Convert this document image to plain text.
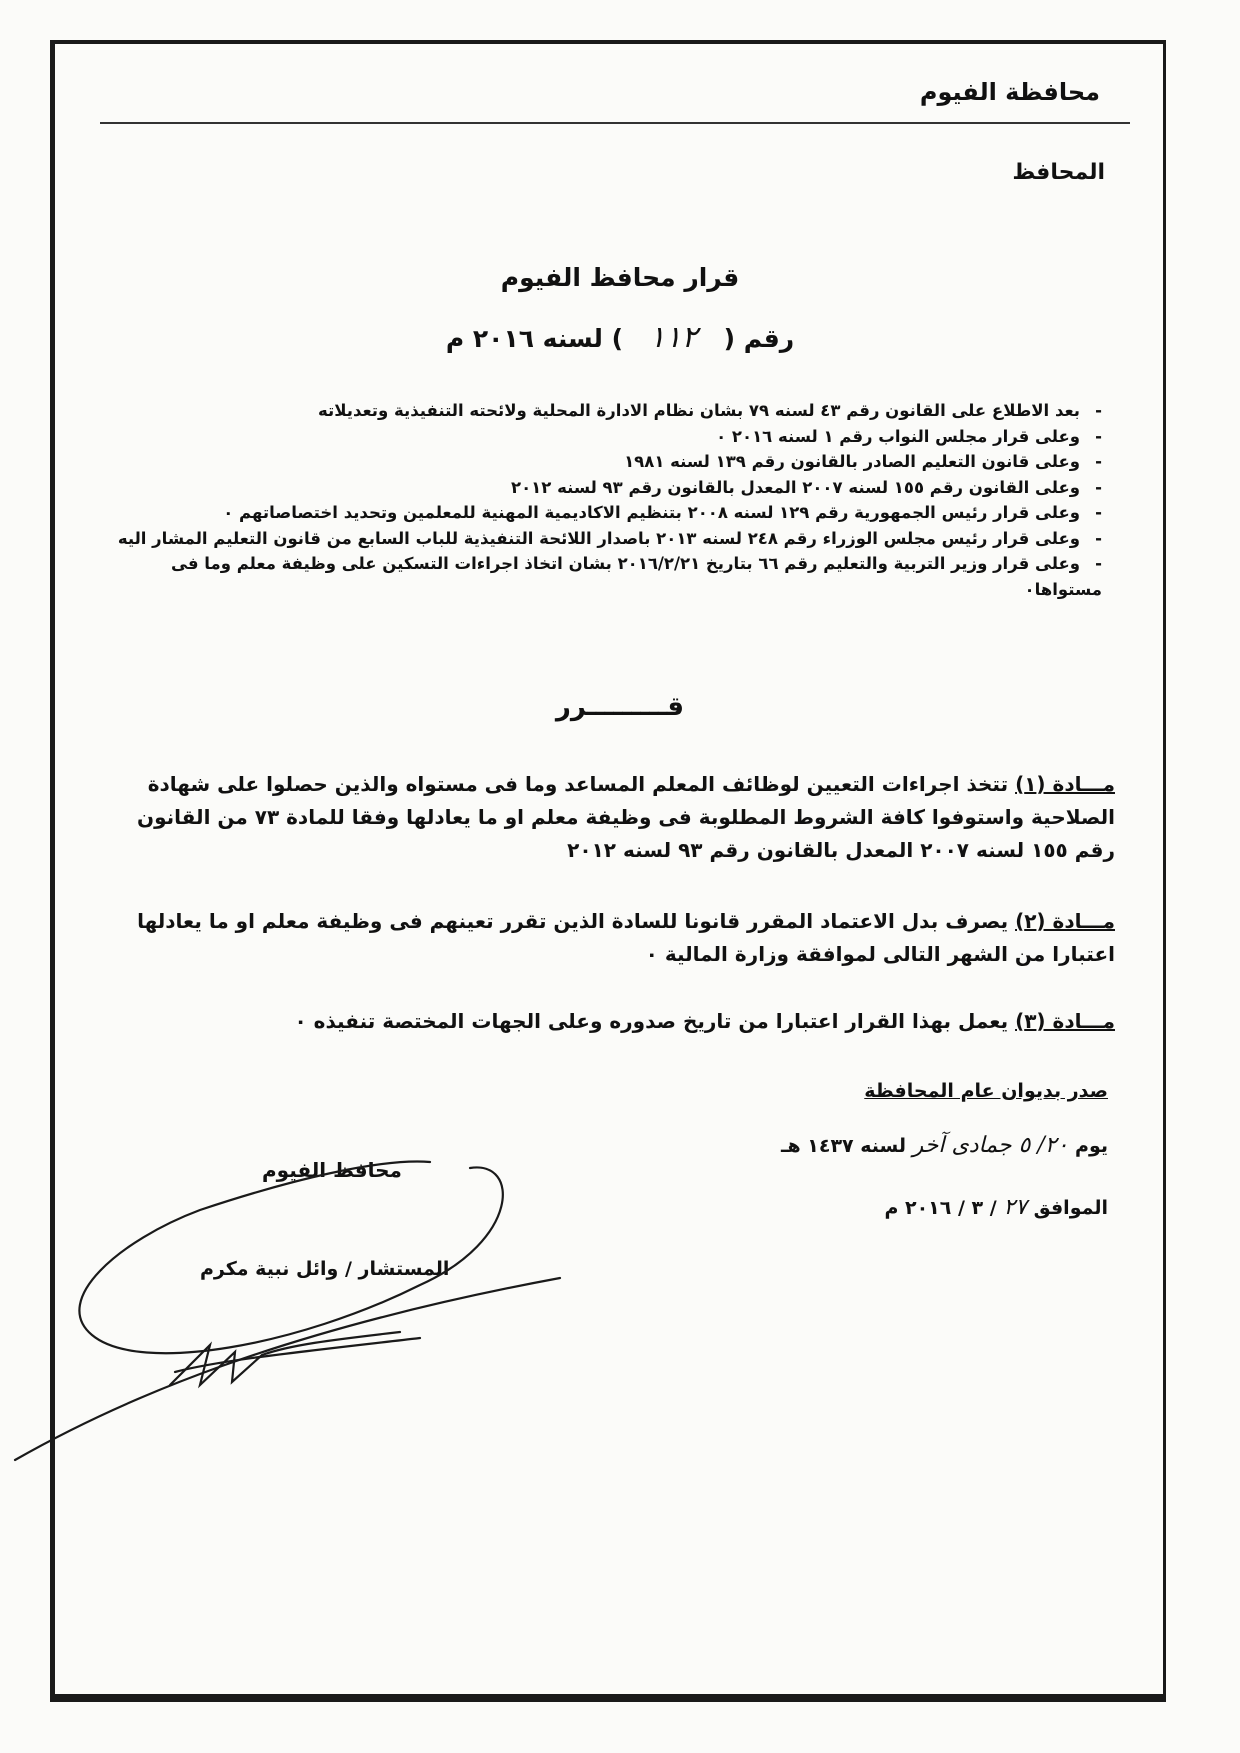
محافظة الفيوم
المحافظ
قرار محافظ الفيوم
رقم (   ١١٢   ) لسنه ٢٠١٦ م
- بعد الاطلاع على القانون رقم ٤٣ لسنه ٧٩ بشان نظام الادارة المحلية ولائحته التنفيذية وتعديلاته
- وعلى قرار مجلس النواب رقم ١ لسنه ٢٠١٦ ٠
- وعلى قانون التعليم الصادر بالقانون رقم ١٣٩ لسنه ١٩٨١
- وعلى القانون رقم ١٥٥ لسنه ٢٠٠٧ المعدل بالقانون رقم ٩٣ لسنه ٢٠١٢
- وعلى قرار رئيس الجمهورية رقم ١٢٩ لسنه ٢٠٠٨ بتنظيم الاكاديمية المهنية للمعلمين وتحديد اختصاصاتهم ٠
- وعلى قرار رئيس مجلس الوزراء رقم ٢٤٨ لسنه ٢٠١٣ باصدار اللائحة التنفيذية للباب السابع من قانون التعليم المشار اليه
- وعلى قرار وزير التربية والتعليم رقم ٦٦ بتاريخ ٢٠١٦/٢/٢١ بشان اتخاذ اجراءات التسكين على وظيفة معلم وما فى
مستواها٠
قـــــــــرر
مـــادة (١) تتخذ اجراءات التعيين لوظائف المعلم المساعد وما فى مستواه والذين حصلوا على شهادة الصلاحية واستوفوا كافة الشروط المطلوبة فى وظيفة معلم او ما يعادلها وفقا للمادة ٧٣ من القانون رقم ١٥٥ لسنه ٢٠٠٧ المعدل بالقانون رقم ٩٣ لسنه ٢٠١٢
مـــادة (٢) يصرف بدل الاعتماد المقرر قانونا للسادة الذين تقرر تعينهم فى وظيفة معلم او ما يعادلها اعتبارا من الشهر التالى لموافقة وزارة المالية ٠
مـــادة (٣) يعمل بهذا القرار اعتبارا من تاريخ صدوره وعلى الجهات المختصة تنفيذه ٠
صدر بديوان عام المحافظة
يوم ٢٠/ ٥ جمادى آخر لسنه ١٤٣٧ هـ
الموافق ٢٧ / ٣ / ٢٠١٦ م
محافظ الفيوم
المستشار / وائل نبية مكرم
